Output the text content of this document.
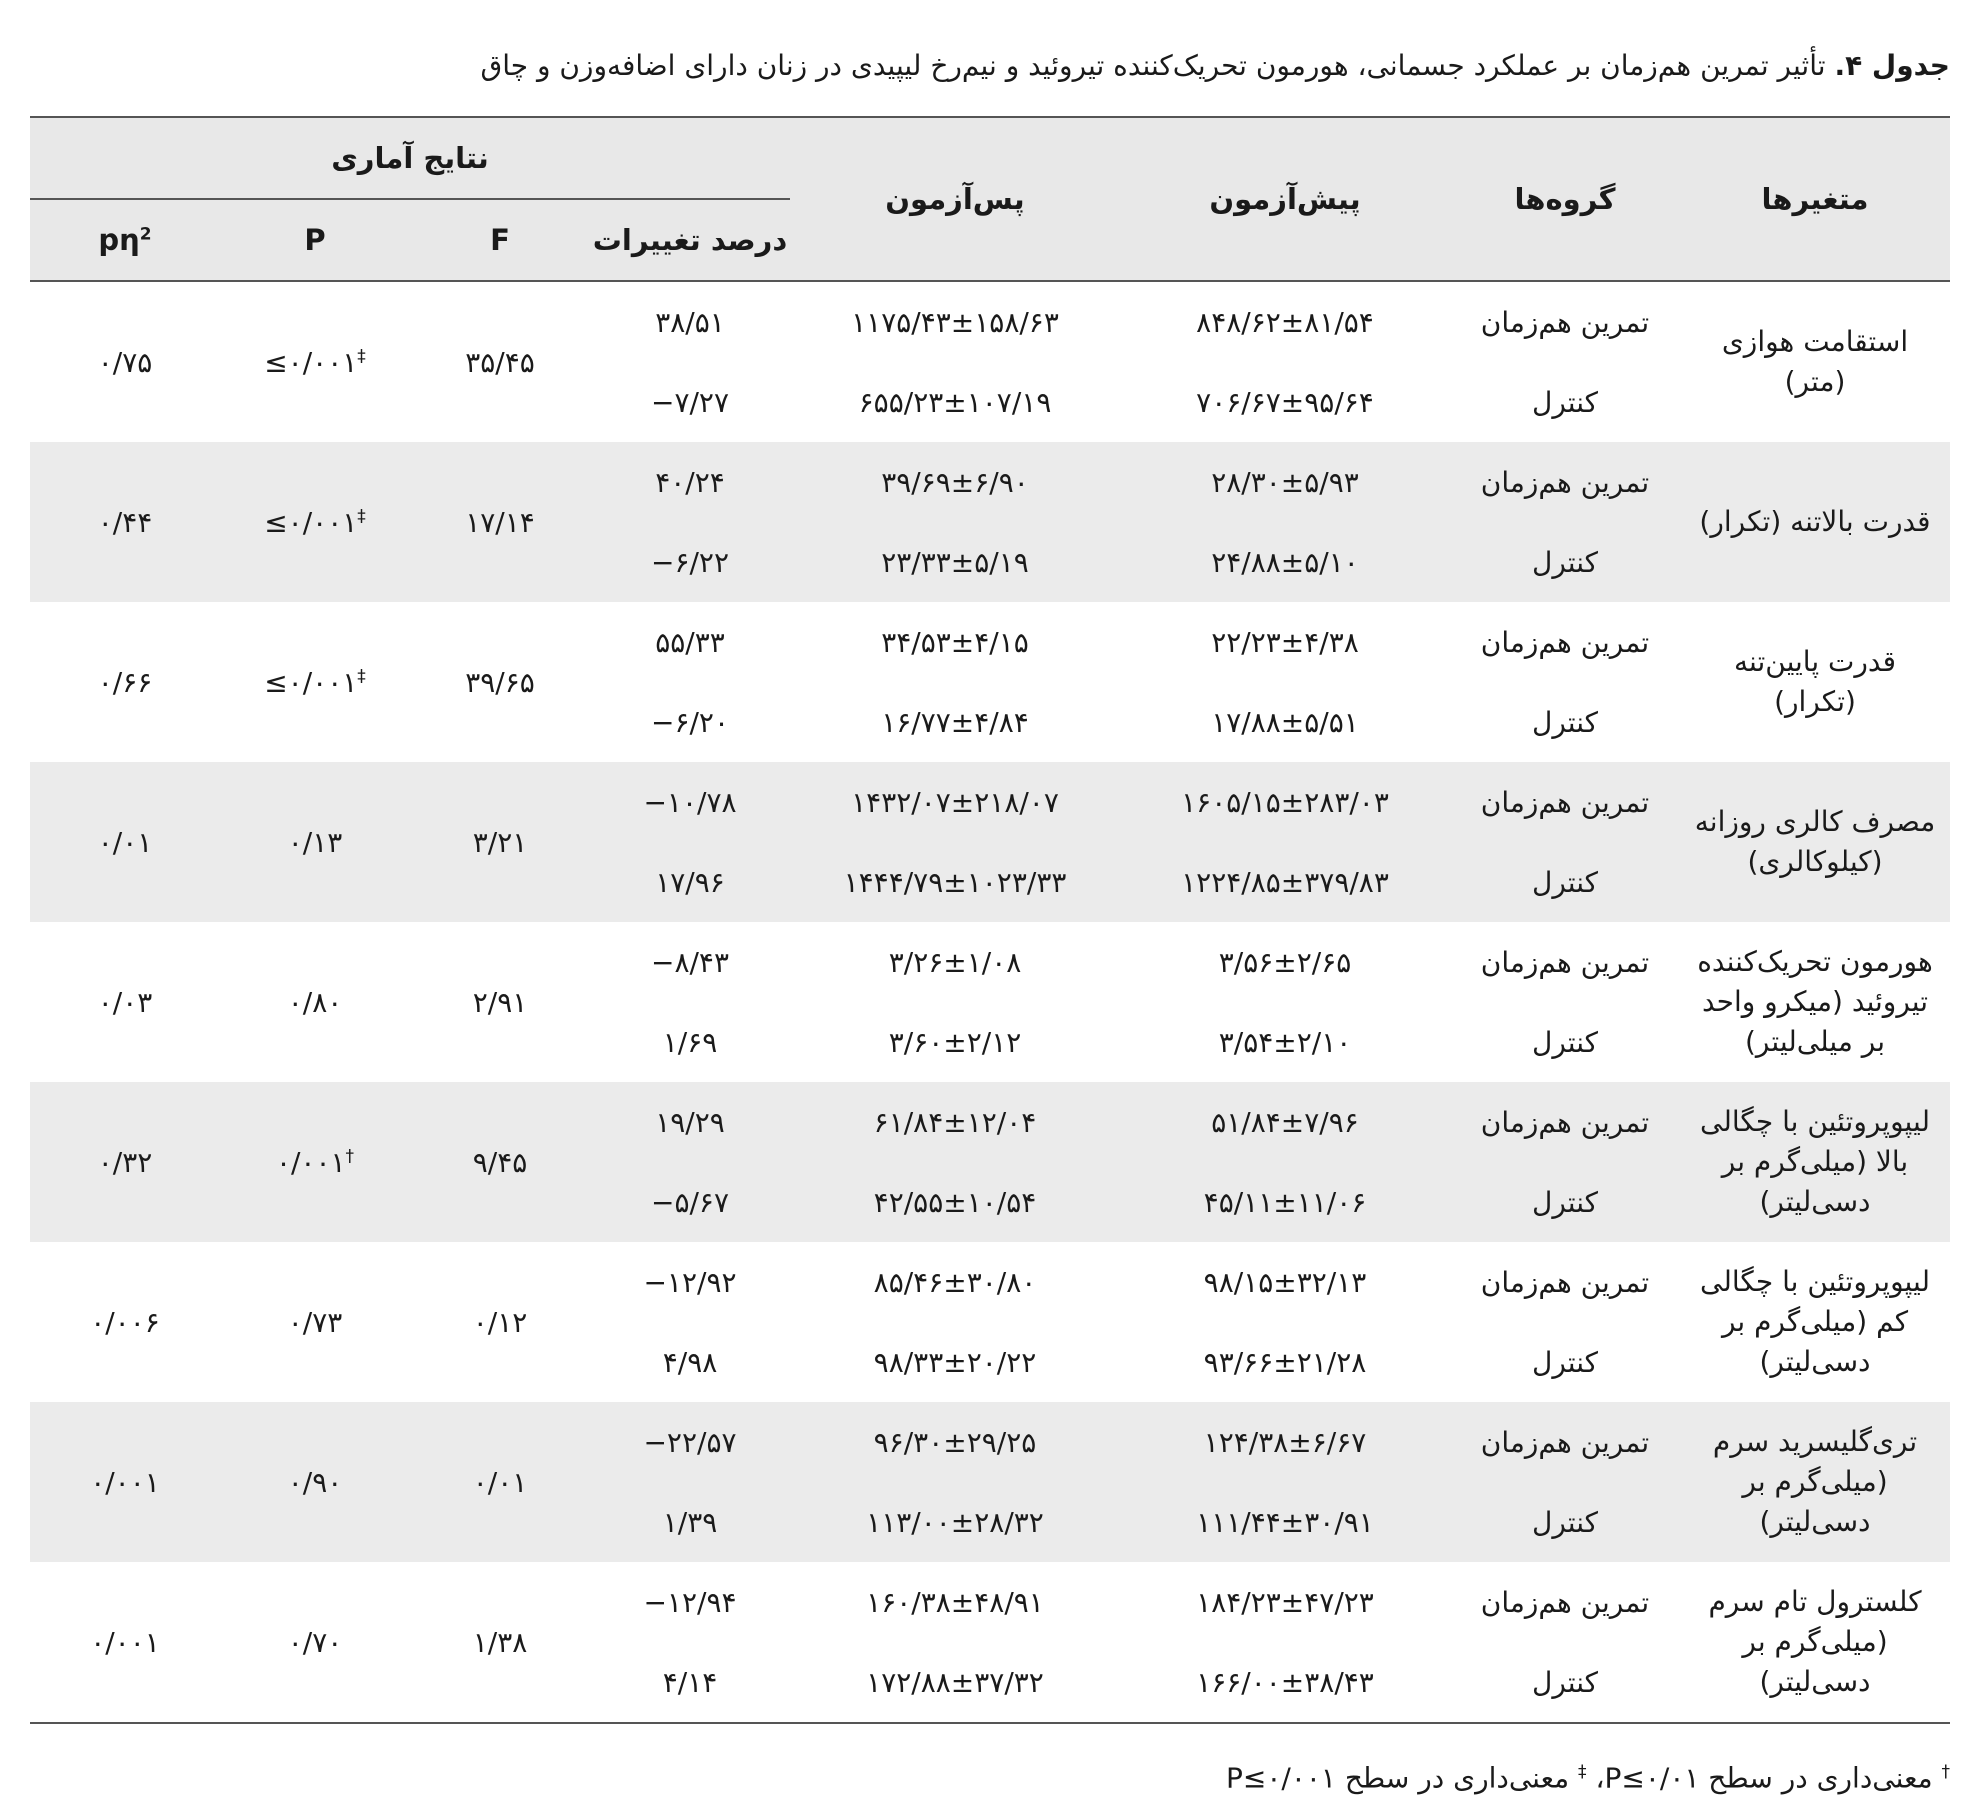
جدول ۴. تأثیر تمرین هم‌زمان بر عملکرد جسمانی، هورمون تحریک‌کننده تیروئید و نیم‌رخ لیپیدی در زنان دارای اضافه‌وزن و چاق
متغیرها	گروه‌ها	پیش‌آزمون	پس‌آزمون	نتایج آماری			
				درصد تغییرات	F	P	$p\eta^2$
استقامت هوازی (متر)	تمرین هم‌زمان	۸۴۸/۶۲±۸۱/۵۴	۱۱۷۵/۴۳±۱۵۸/۶۳	۳۸/۵۱	۳۵/۴۵	≤۰/۰۰۱‡	۰/۷۵
	کنترل	۷۰۶/۶۷±۹۵/۶۴	۶۵۵/۲۳±۱۰۷/۱۹	−۷/۲۷			
قدرت بالاتنه (تکرار)	تمرین هم‌زمان	۲۸/۳۰±۵/۹۳	۳۹/۶۹±۶/۹۰	۴۰/۲۴	۱۷/۱۴	≤۰/۰۰۱‡	۰/۴۴
	کنترل	۲۴/۸۸±۵/۱۰	۲۳/۳۳±۵/۱۹	−۶/۲۲			
قدرت پایین‌تنه (تکرار)	تمرین هم‌زمان	۲۲/۲۳±۴/۳۸	۳۴/۵۳±۴/۱۵	۵۵/۳۳	۳۹/۶۵	≤۰/۰۰۱‡	۰/۶۶
	کنترل	۱۷/۸۸±۵/۵۱	۱۶/۷۷±۴/۸۴	−۶/۲۰			
مصرف کالری روزانه (کیلوکالری)	تمرین هم‌زمان	۱۶۰۵/۱۵±۲۸۳/۰۳	۱۴۳۲/۰۷±۲۱۸/۰۷	−۱۰/۷۸	۳/۲۱	۰/۱۳	۰/۰۱
	کنترل	۱۲۲۴/۸۵±۳۷۹/۸۳	۱۴۴۴/۷۹±۱۰۲۳/۳۳	۱۷/۹۶			
هورمون تحریک‌کننده تیروئید (میکرو واحد بر میلی‌لیتر)	تمرین هم‌زمان	۳/۵۶±۲/۶۵	۳/۲۶±۱/۰۸	−۸/۴۳	۲/۹۱	۰/۸۰	۰/۰۳
	کنترل	۳/۵۴±۲/۱۰	۳/۶۰±۲/۱۲	۱/۶۹			
لیپوپروتئین با چگالی بالا (میلی‌گرم بر دسی‌لیتر)	تمرین هم‌زمان	۵۱/۸۴±۷/۹۶	۶۱/۸۴±۱۲/۰۴	۱۹/۲۹	۹/۴۵	۰/۰۰۱†	۰/۳۲
	کنترل	۴۵/۱۱±۱۱/۰۶	۴۲/۵۵±۱۰/۵۴	−۵/۶۷			
لیپوپروتئین با چگالی کم (میلی‌گرم بر دسی‌لیتر)	تمرین هم‌زمان	۹۸/۱۵±۳۲/۱۳	۸۵/۴۶±۳۰/۸۰	−۱۲/۹۲	۰/۱۲	۰/۷۳	۰/۰۰۶
	کنترل	۹۳/۶۶±۲۱/۲۸	۹۸/۳۳±۲۰/۲۲	۴/۹۸			
تری‌گلیسرید سرم (میلی‌گرم بر دسی‌لیتر)	تمرین هم‌زمان	۱۲۴/۳۸±۶/۶۷	۹۶/۳۰±۲۹/۲۵	−۲۲/۵۷	۰/۰۱	۰/۹۰	۰/۰۰۱
	کنترل	۱۱۱/۴۴±۳۰/۹۱	۱۱۳/۰۰±۲۸/۳۲	۱/۳۹			
کلسترول تام سرم (میلی‌گرم بر دسی‌لیتر)	تمرین هم‌زمان	۱۸۴/۲۳±۴۷/۲۳	۱۶۰/۳۸±۴۸/۹۱	−۱۲/۹۴	۱/۳۸	۰/۷۰	۰/۰۰۱
	کنترل	۱۶۶/۰۰±۳۸/۴۳	۱۷۲/۸۸±۳۷/۳۲	۴/۱۴			
† معنی‌داری در سطح P≤۰/۰۱، ‡ معنی‌داری در سطح P≤۰/۰۰۱
